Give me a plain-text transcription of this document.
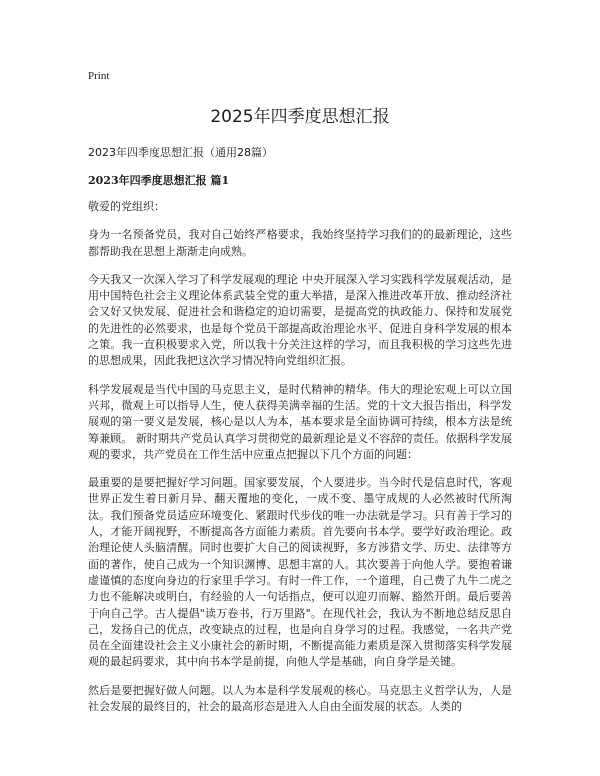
Print
2025年四季度思想汇报
2023年四季度思想汇报（通用28篇）
2023年四季度思想汇报 篇1

敬爱的党组织：

身为一名预备党员，我对自己始终严格要求，我始终坚持学习我们的的最新理论，这些都帮助我在思想上渐渐走向成熟。

今天我又一次深入学习了科学发展观的理论 中央开展深入学习实践科学发展观活动，是用中国特色社会主义理论体系武装全党的重大举措，是深入推进改革开放、推动经济社会又好又快发展、促进社会和谐稳定的迫切需要，是提高党的执政能力、保持和发展党的先进性的必然要求，也是每个党员干部提高政治理论水平、促进自身科学发展的根本之策。我一直积极要求入党，所以我十分关注这样的学习，而且我积极的学习这些先进的思想成果，因此我把这次学习情况特向党组织汇报。

科学发展观是当代中国的马克思主义，是时代精神的精华。伟大的理论宏观上可以立国兴邦，微观上可以指导人生，使人获得美满幸福的生活。党的十文大报告指出，科学发展观的第一要义是发展，核心是以人为本，基本要求是全面协调可持续，根本方法是统筹兼顾。 新时期共产党员认真学习贯彻党的最新理论是义不容辞的责任。依据科学发展观的要求，共产党员在工作生活中应重点把握以下几个方面的问题：

最重要的是要把握好学习问题。国家要发展，个人要进步。当今时代是信息时代，客观世界正发生着日新月异、翻天覆地的变化，一成不变、墨守成规的人必然被时代所淘汰。我们预备党员适应环境变化、紧跟时代步伐的唯一办法就是学习。只有善于学习的人，才能开阔视野，不断提高各方面能力素质。首先要向书本学。要学好政治理论。政治理论使人头脑清醒。同时也要扩大自己的阅读视野，多方涉猎文学、历史、法律等方面的著作，使自己成为一个知识渊博、思想丰富的人。其次要善于向他人学。要抱着谦虚谨慎的态度向身边的行家里手学习。有时一件工作，一个道理，自己费了九牛二虎之力也不能解决或明白，有经验的人一句话指点，便可以迎刃而解、豁然开朗。最后要善于向自己学。古人提倡"读万卷书，行万里路"。在现代社会，我认为不断地总结反思自己，发扬自己的优点，改变缺点的过程，也是向自身学习的过程。我感觉，一名共产党员在全面建设社会主义小康社会的新时期，不断提高能力素质是深入贯彻落实科学发展观的最起码要求，其中向书本学是前提，向他人学是基础，向自身学是关键。

然后是要把握好做人问题。以人为本是科学发展观的核心。马克思主义哲学认为，人是社会发展的最终目的，社会的最高形态是进入人自由全面发展的状态。人类的
